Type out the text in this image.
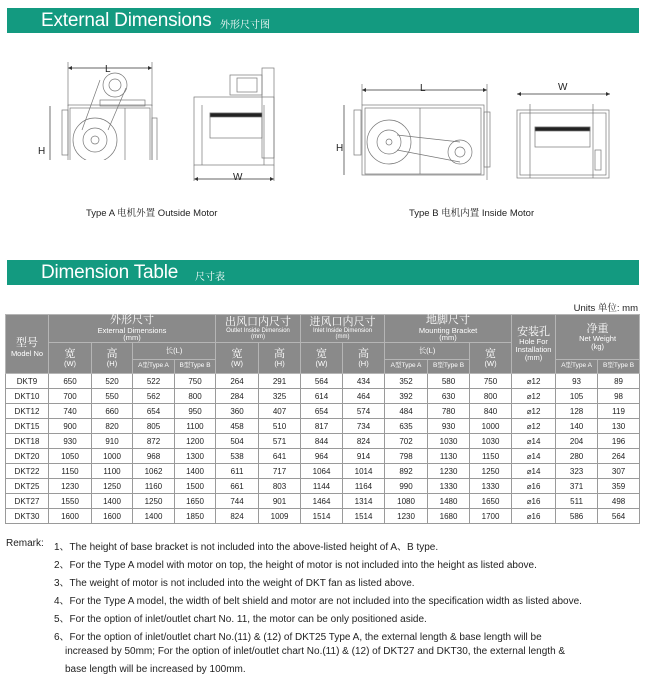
External Dimensions 外形尺寸图
L
H
W
Type A 电机外置 Outside Motor
L
H
W
Type B 电机内置 Inside Motor
Dimension Table 尺寸表
Units 单位: mm
型号
Model No	外形尺寸
External Dimensions
(mm)				出风口内尺寸
Outlet Inside Dimension
(mm)		进风口内尺寸
Inlet Inside Dimension
(mm)		地脚尺寸
Mounting Bracket
(mm)			安装孔
Hole For
Installation
(mm)	净重
Net Weight
(kg)	

	宽
(W)	高
(H)	长(L)		宽
(W)	高
(H)	宽
(W)	高
(H)	长(L)		宽
(W)			

			A型Type A	B型Type B					A型Type A	B型Type B			A型Type A	B型Type B
DKT9	650	520	522	750	264	291	564	434	352	580	750	⌀12	93	89
DKT10	700	550	562	800	284	325	614	464	392	630	800	⌀12	105	98
DKT12	740	660	654	950	360	407	654	574	484	780	840	⌀12	128	119
DKT15	900	820	805	1100	458	510	817	734	635	930	1000	⌀12	140	130
DKT18	930	910	872	1200	504	571	844	824	702	1030	1030	⌀14	204	196
DKT20	1050	1000	968	1300	538	641	964	914	798	1130	1150	⌀14	280	264
DKT22	1150	1100	1062	1400	611	717	1064	1014	892	1230	1250	⌀14	323	307
DKT25	1230	1250	1160	1500	661	803	1144	1164	990	1330	1330	⌀16	371	359
DKT27	1550	1400	1250	1650	744	901	1464	1314	1080	1480	1650	⌀16	511	498
DKT30	1600	1600	1400	1850	824	1009	1514	1514	1230	1680	1700	⌀16	586	564
Remark: 1、The height of base bracket is not included into the above-listed height of A、B type.
2、For the Type A model with motor on top, the height of motor is not included into the height as listed above.
3、The weight of motor is not included into the weight of DKT fan as listed above.
4、For the Type A model, the width of belt shield and motor are not included into the specification width as listed above.
5、For the option of inlet/outlet chart No. 11, the motor can be only positioned aside.
6、For the option of inlet/outlet chart No.(11) & (12) of DKT25 Type A, the external length & base length will be
increased by 50mm; For the option of inlet/outlet chart No.(11) & (12) of DKT27 and DKT30, the external length &
base length will be increased by 100mm.
